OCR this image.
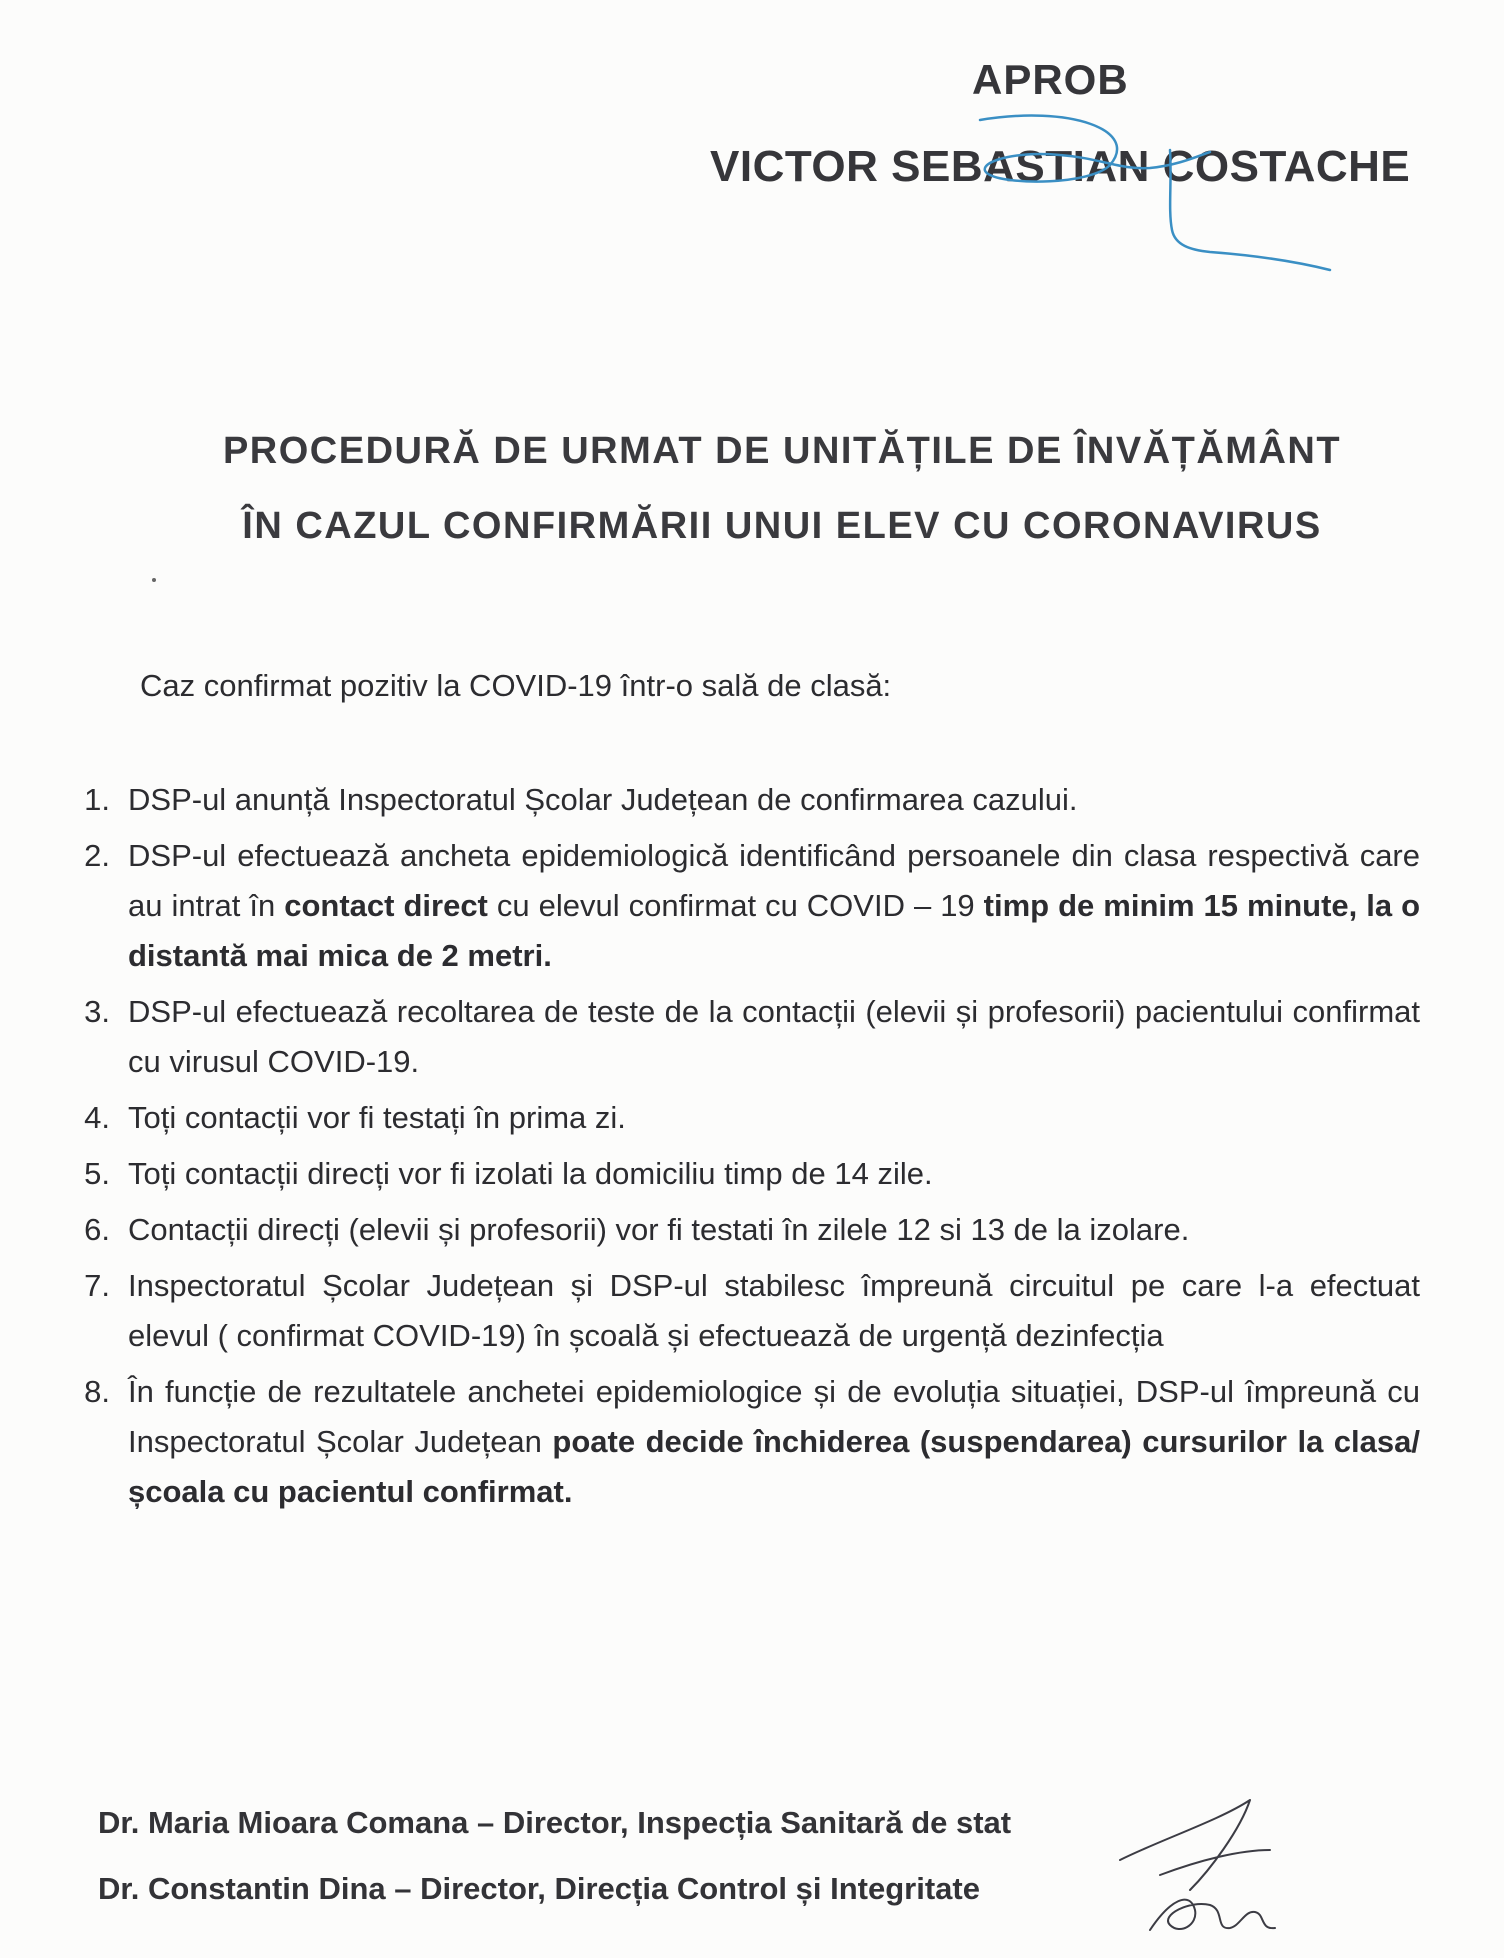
APROB
VICTOR SEBASTIAN COSTACHE
PROCEDURĂ DE URMAT DE UNITĂȚILE DE ÎNVĂȚĂMÂNT
ÎN CAZUL CONFIRMĂRII UNUI ELEV CU CORONAVIRUS
Caz confirmat pozitiv la COVID-19 într-o sală de clasă:
1. DSP-ul anunță Inspectoratul Școlar Județean de confirmarea cazului.
2. DSP-ul efectuează ancheta epidemiologică identificând persoanele din clasa respectivă care au intrat în contact direct cu elevul confirmat cu COVID – 19 timp de minim 15 minute, la o distantă mai mica de 2 metri.
3. DSP-ul efectuează recoltarea de teste de la contacții (elevii și profesorii) pacientului confirmat cu virusul COVID-19.
4. Toți contacții vor fi testați în prima zi.
5. Toți contacții direcți vor fi izolati la domiciliu timp de 14 zile.
6. Contacții direcți (elevii și profesorii) vor fi testati în zilele 12 si 13 de la izolare.
7. Inspectoratul Școlar Județean și DSP-ul stabilesc împreună circuitul pe care l-a efectuat elevul ( confirmat COVID-19) în școală și efectuează de urgență dezinfecția
8. În funcție de rezultatele anchetei epidemiologice și de evoluția situației, DSP-ul împreună cu Inspectoratul Școlar Județean poate decide închiderea (suspendarea) cursurilor la clasa/școala cu pacientul confirmat.
Dr. Maria Mioara Comana – Director, Inspecția Sanitară de stat
Dr. Constantin Dina – Director, Direcția Control și Integritate
